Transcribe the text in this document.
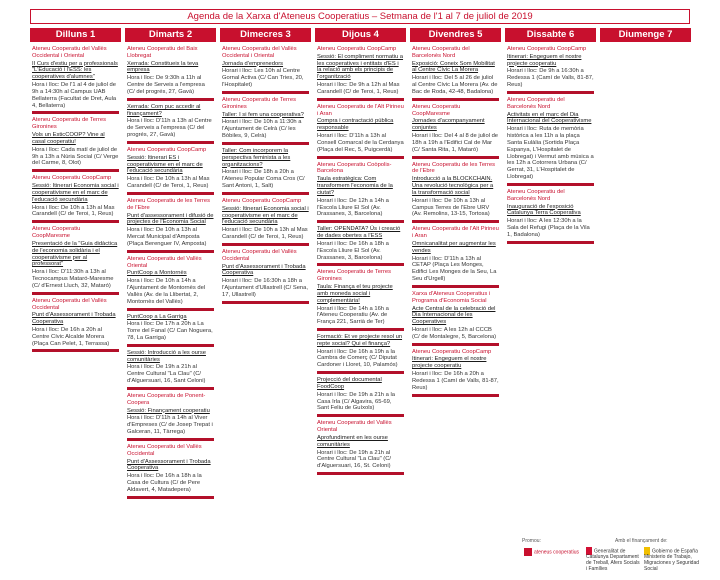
Agenda de la Xarxa d'Ateneus Cooperatius – Setmana de l'1 al 7 de juliol de 2019
Dilluns 1
Ateneu Cooperatiu del Vallès Occidental i Oriental
II Curs d'estiu per a professionals "L'Educació i l'ESS: les cooperatives d'alumnes"
Hora i lloc: De l'1 al 4 de juliol de 9h a 14:30h al Campus UAB Bellaterra (Facultat de Dret, Aula 4, Bellaterra)
Ateneu Cooperatiu de Terres Gironines
Vols un EsticCOOP? Vine al casal cooperatiu!
Hora i lloc: Cada matí de juliol de 9h a 13h a Nùria Social (C/ Verge del Carme, 8, Olot)
Ateneu Cooperatiu CoopCamp
Sessió: Itinerari Economia social i cooperativisme en el marc de l'educació secundària
Hora i lloc: De 10h a 13h al Mas Carandell (C/ de Teroi, 1, Reus)
Ateneu Cooperatiu CoopMaresme
Presentació de la "Guia didàctica de l'economia solidària i el cooperativisme per al professorat"
Hora i lloc: D'11:30h a 13h al Tecnocampus Mataró-Maresme (C/ d'Ernest Lluch, 32, Mataró)
Ateneu Cooperatiu del Vallès Occidental
Punt d'Assessorament i Trobada Cooperativa
Hora i lloc: De 16h a 20h al Centre Cívic Alcalde Morera (Plaça Can Pelet, 1, Terrassa)
Dimarts 2
Ateneu Cooperatiu del Baix Llobregat
Xerrada: Constitueix la teva empresa
Hora i lloc: De 9:30h a 11h al Centre de Serveis a l'empresa (C/ del progrés, 27, Gavà)
Xerrada: Com puc accedir al finançament?
Hora i lloc: D'11h a 13h al Centre de Serveis a l'empresa (C/ del progrés, 27, Gavà)
Ateneu Cooperatiu CoopCamp
Sessió: Itinerari ES i cooperativisme en el marc de l'educació secundària
Hora i lloc: De 10h a 13h al Mas Carandell (C/ de Teroi, 1, Reus)
Ateneu Cooperatiu de les Terres de l'Ebre
Punt d'assessorament i difusió de projectes de l'Economia Social
Hora i lloc: De 10h a 13h al Mercat Municipal d'Amposta (Plaça Berenguer IV, Amposta)
Ateneu Cooperatiu del Vallès Oriental
PuntCoop a Montornès
Hora i lloc: De 10h a 14h a l'Ajuntament de Montornès del Vallès (Av. de la Llibertat, 2, Montornès del Vallès)
PuntCoop a La Garriga
Hora i lloc: De 17h a 20h a La Torre del Fanal (C/ Can Noguera, 78, La Garriga)
Sessió: Introducció a les ourse comunitàries
Hora i lloc: De 19h a 21h al Centre Cultural "La Clau" (C/ d'Alguersuari, 16, Sant Celoni)
Ateneu Cooperatiu de Ponent-Coopera
Sessió: Finançament cooperatiu
Hora i lloc: D'11h a 14h al Viver d'Empreses (C/ de Josep Trepat i Galceran, 11, Tàrrega)
Ateneu Cooperatiu del Vallès Occidental
Punt d'Assessorament i Trobada Cooperativa
Hora i lloc: De 16h a 18h a la Casa de Cultura (C/ de Pere Aldavert, 4, Matadepera)
Dimecres 3
Ateneu Cooperatiu del Vallès Occidental i Oriental
Jornada d'emprenedors
Horari i lloc: Les 10h al Centre Gornal Activa (C/ Can Tries, 20, l'Hospitalet)
Ateneu Cooperatiu de Terres Gironines
Taller: I si fem una cooperativa?
Horari i lloc: De 10h a 11:30h a l'Ajuntament de Celrà (C/ les Bòbiles, 9, Celrà)
Taller: Com incorporem la perspectiva feminista a les organitzacions?
Horari i lloc: De 18h a 20h a l'Ateneu Popular Coma Cros (C/ Sant Antoni, 1, Salt)
Ateneu Cooperatiu CoopCamp
Sessió: Itinerari Economia social i cooperativisme en el marc de l'educació secundària
Horari i lloc: De 10h a 13h al Mas Carandell (C/ de Teroi, 1, Reus)
Ateneu Cooperatiu del Vallès Occidental
Punt d'Assessorament i Trobada Cooperativa
Horari i lloc: De 16:30h a 18h a l'Ajuntament d'Ullastrell (C/ Sena, 17, Ullastrell)
Dijous 4
Ateneu Cooperatiu CoopCamp
Sessió: El compliment normatiu a les cooperatives i entitats d'ES i la relació amb els principis de l'organització
Horari i lloc: De 9h a 12h al Mas Carandell (C/ de Teroi, 1, Reus)
Ateneu Cooperatiu de l'Alt Pirineu i Aran
Compra i contractació pública responsable
Horari i lloc: D'11h a 13h al Consell Comarcal de la Cerdanya (Plaça del Rec, 5, Puigcerdà)
Ateneu Cooperatiu Coòpolis-Barcelona
Taula estratègica: Com transformem l'economia de la ciutat?
Horari i lloc: De 12h a 14h a l'Escola Lliure El Sol (Av. Drassanes, 3, Barcelona)
Taller: OPENDATA? Ús i creació de dades obertes a l'ESS
Horari i lloc: De 16h a 18h a l'Escola Lliure El Sol (Av. Drassanes, 3, Barcelona)
Ateneu Cooperatiu de Terres Gironines
Taula: Finança el teu projecte amb moneda social i complementària!
Horari i lloc: De 14h a 16h a l'Ateneu Cooperatiu (Av. de França 221, Sarrià de Ter)
Formació: Et ve projecte resol un repte social? Qui el finança?
Horari i lloc: De 16h a 19h a la Cambra de Comerç (C/ Diputat Cardoner i Lloret, 10, Palamós)
Projecció del documental FoodCoop
Horari i lloc: De 19h a 21h a la Casa Irla (C/ Algavira, 65-69, Sant Feliu de Guíxols)
Ateneu Cooperatiu del Vallès Oriental
Aprofundiment en les ourse comunitàries
Horari i lloc: De 19h a 21h al Centre Cultural "La Clau" (C/ d'Alguersuari, 16, St. Celoni)
Divendres 5
Ateneu Cooperatiu del Barcelonès Nord
Exposició: Coneix Som Mobilitat al Centre Cívic La Morera
Horari i lloc: Del 5 al 26 de juliol al Centre Cívic La Morera (Av. de Bac de Roda, 42-48, Badalona)
Ateneu Cooperatiu CoopMaresme
Jornades d'acompanyament conjuntes
Horari i lloc: Del 4 al 8 de juliol de 18h a 19h a l'Edifici Cal de Mar (C/ Santa Rita, 1, Mataró)
Ateneu Cooperatiu de les Terres de l'Ebre
Introducció a la BLOCKCHAIN. Una revolució tecnològica per a la transformació social
Horari i lloc: De 10h a 13h al Campus Terres de l'Ebre URV (Av. Remolins, 13-15, Tortosa)
Ateneu Cooperatiu de l'Alt Pirineu i Aran
Omnicanalitat per augmentar les vendes
Horari i lloc: D'11h a 13h al CETAP (Plaça Les Monges, Edifici Les Monges de la Seu, La Seu d'Urgell)
Xarxa d'Ateneus Cooperatius i Programa d'Economia Social
Acte Central de la celebració del Dia Internacional de les Cooperatives
Horari i lloc: A les 12h al CCCB (C/ de Montalegre, 5, Barcelona)
Ateneu Cooperatiu CoopCamp
Itinerari: Engeguem el nostre projecte cooperatiu
Horari i lloc: De 16h a 20h a Redessa 1 (Camí de Valls, 81-87, Reus)
Dissabte 6
Ateneu Cooperatiu CoopCamp
Itinerari: Engeguem el nostre projecte cooperatiu
Horari i lloc: De 9h a 16:30h a Redessa 1 (Camí de Valls, 81-87, Reus)
Ateneu Cooperatiu del Barcelonès Nord
Activitats en el marc del Dia Internacional del Cooperativisme
Horari i lloc: Ruta de memòria històrica a les 11h a la plaça Santa Eulàlia (Sortida Plaça Espanya, L'Hospitalet de Llobregat) i Vermut amb música a les 12h a Cotorrera Urbana (C/ Gerrat, 31, L'Hospitalet de Llobregat)
Ateneu Cooperatiu del Barcelonès Nord
Inauguració de l'exposició Catalunya Terra Cooperativa
Horari i lloc: A les 12:30h a la Sala del Refugi (Plaça de la Vila 1, Badalona)
Diumenge 7
Promou:	Amb el finançament de:
ateneus cooperatius	Generalitat de Catalunya Departament de Treball, Afers Socials i Famílies
Gobierno de España Ministerio de Trabajo, Migraciones y Seguridad Social
